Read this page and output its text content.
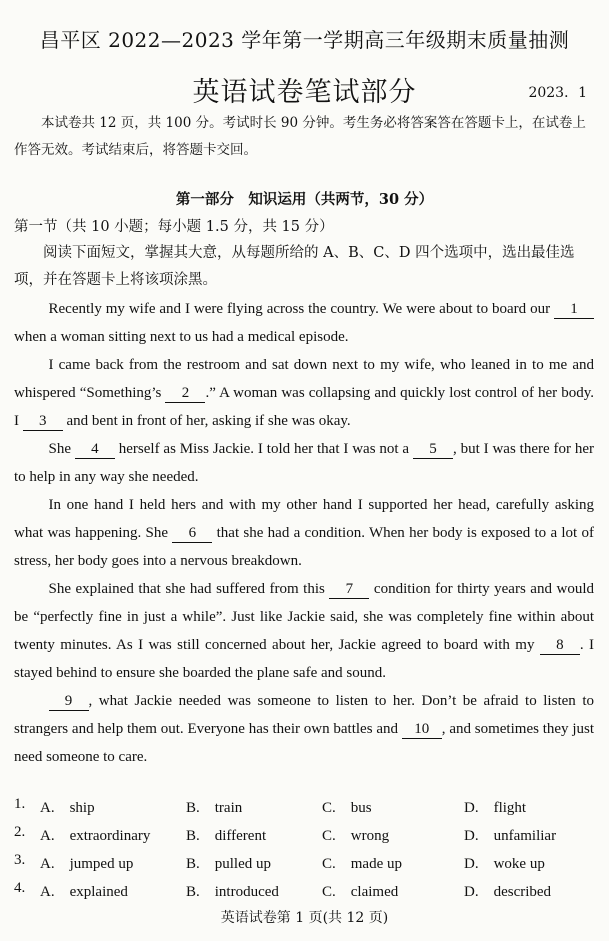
昌平区 2022—2023 学年第一学期高三年级期末质量抽测
英语试卷笔试部分	2023．1
本试卷共 12 页，共 100 分。考试时长 90 分钟。考生务必将答案答在答题卡上，在试卷上作答无效。考试结束后，将答题卡交回。
第一部分　知识运用（共两节，30 分）
第一节（共 10 小题；每小题 1.5 分，共 15 分）
阅读下面短文，掌握其大意，从每题所给的 A、B、C、D 四个选项中，选出最佳选项，并在答题卡上将该项涂黑。

Recently my wife and I were flying across the country. We were about to board our 1 when a woman sitting next to us had a medical episode.

I came back from the restroom and sat down next to my wife, who leaned in to me and whispered “Something’s 2 .” A woman was collapsing and quickly lost control of her body. I 3 and bent in front of her, asking if she was okay.

She 4 herself as Miss Jackie. I told her that I was not a 5 , but I was there for her to help in any way she needed.

In one hand I held hers and with my other hand I supported her head, carefully asking what was happening. She 6 that she had a condition. When her body is exposed to a lot of stress, her body goes into a nervous breakdown.

She explained that she had suffered from this 7 condition for thirty years and would be “perfectly fine in just a while”. Just like Jackie said, she was completely fine within about twenty minutes. As I was still concerned about her, Jackie agreed to board with my 8 . I stayed behind to ensure she boarded the plane safe and sound.

9 , what Jackie needed was someone to listen to her. Don’t be afraid to listen to strangers and help them out. Everyone has their own battles and 10 , and sometimes they just need someone to care.

1. A.　ship	B.　train	C.　bus	D.　flight
2. A.　extraordinary B.　different	C.　wrong	D.　unfamiliar
3. A.　jumped up	B.　pulled up	C.　made up	D.　woke up
4. A.　explained	B.　introduced	C.　claimed	D.　described
英语试卷第 1 页(共 12 页)
